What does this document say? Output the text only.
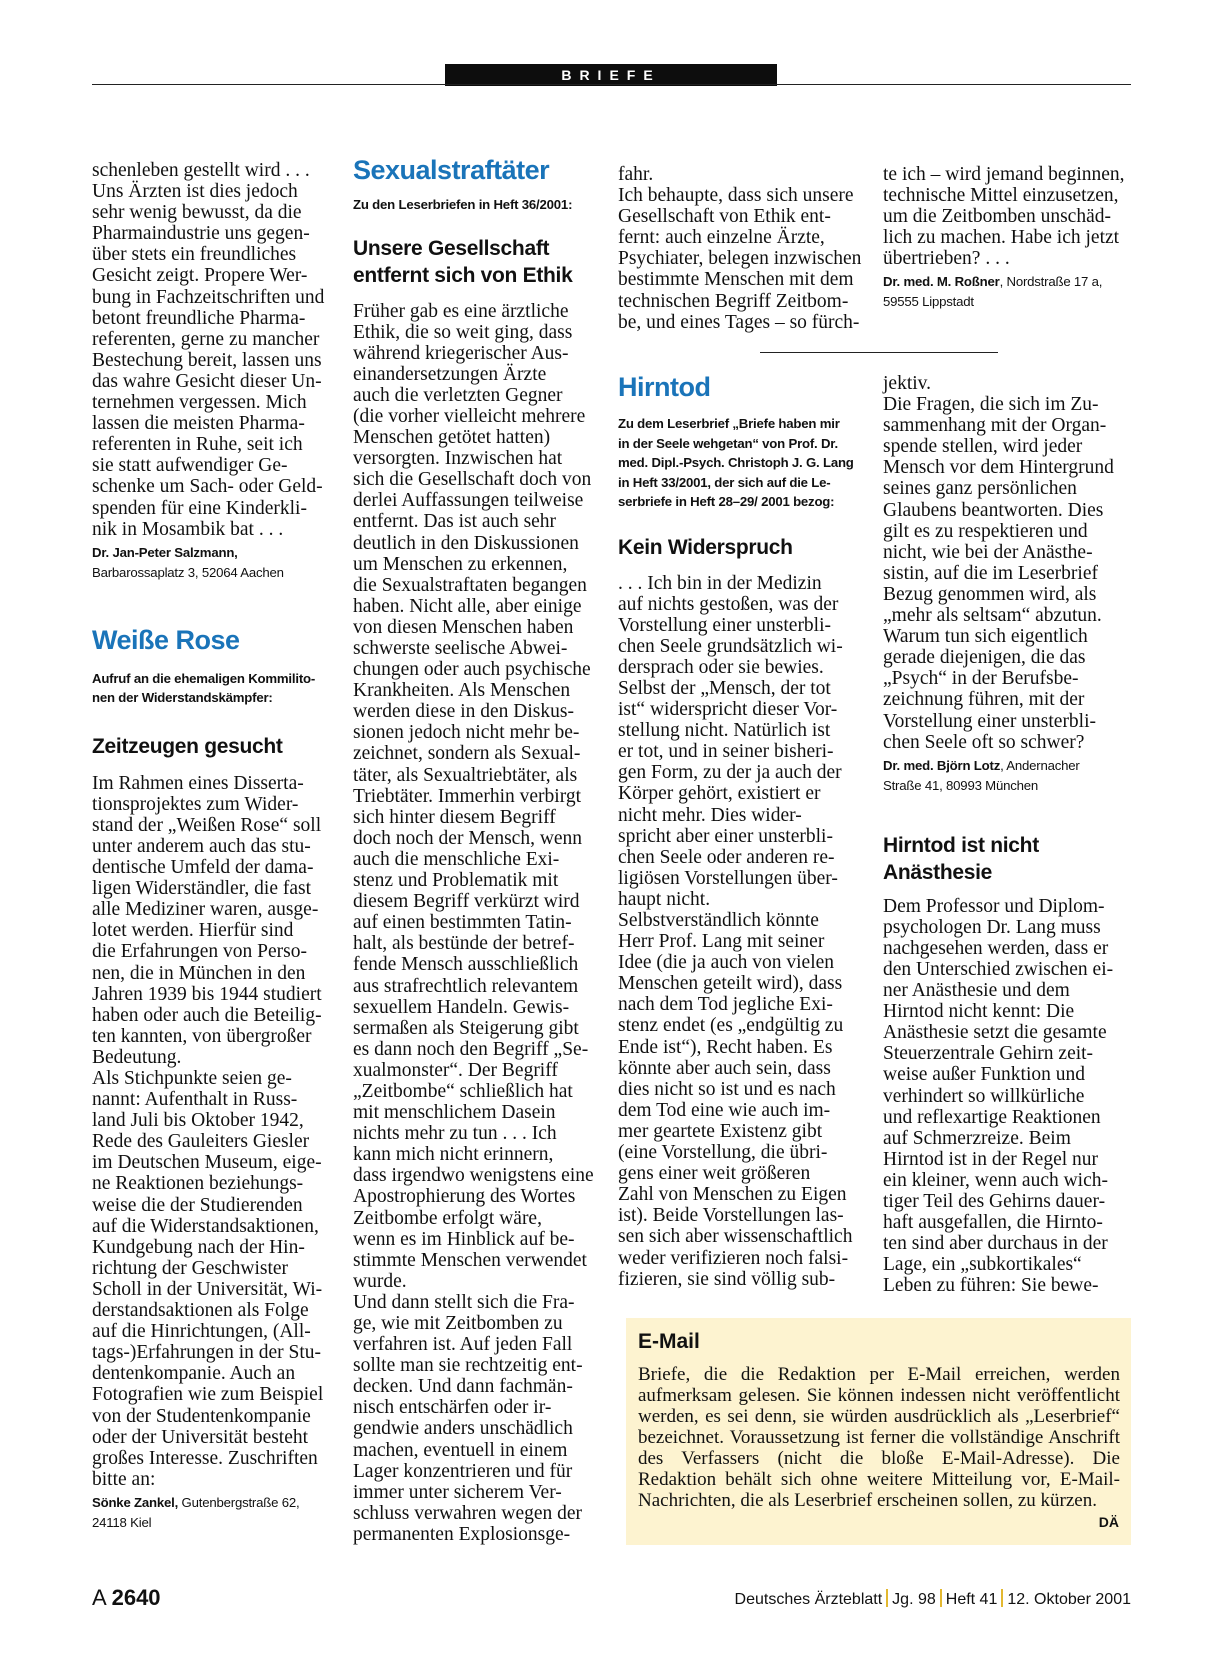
BRIEFE
schenleben gestellt wird . . .
Uns Ärzten ist dies jedoch
sehr wenig bewusst, da die
Pharmaindustrie uns gegen-
über stets ein freundliches
Gesicht zeigt. Propere Wer-
bung in Fachzeitschriften und
betont freundliche Pharma-
referenten, gerne zu mancher
Bestechung bereit, lassen uns
das wahre Gesicht dieser Un-
ternehmen vergessen. Mich
lassen die meisten Pharma-
referenten in Ruhe, seit ich
sie statt aufwendiger Ge-
schenke um Sach- oder Geld-
spenden für eine Kinderkli-
nik in Mosambik bat . . .
Dr. Jan-Peter Salzmann,
Barbarossaplatz 3, 52064 Aachen
Weiße Rose
Aufruf an die ehemaligen Kommilito-
nen der Widerstandskämpfer:
Zeitzeugen gesucht
Im Rahmen eines Disserta-
tionsprojektes zum Wider-
stand der „Weißen Rose“ soll
unter anderem auch das stu-
dentische Umfeld der dama-
ligen Widerständler, die fast
alle Mediziner waren, ausge-
lotet werden. Hierfür sind
die Erfahrungen von Perso-
nen, die in München in den
Jahren 1939 bis 1944 studiert
haben oder auch die Beteilig-
ten kannten, von übergroßer
Bedeutung.
Als Stichpunkte seien ge-
nannt: Aufenthalt in Russ-
land Juli bis Oktober 1942,
Rede des Gauleiters Giesler
im Deutschen Museum, eige-
ne Reaktionen beziehungs-
weise die der Studierenden
auf die Widerstandsaktionen,
Kundgebung nach der Hin-
richtung der Geschwister
Scholl in der Universität, Wi-
derstandsaktionen als Folge
auf die Hinrichtungen, (All-
tags-)Erfahrungen in der Stu-
dentenkompanie. Auch an
Fotografien wie zum Beispiel
von der Studentenkompanie
oder der Universität besteht
großes Interesse. Zuschriften
bitte an:
Sönke Zankel, Gutenbergstraße 62,
24118 Kiel
Sexualstraftäter
Zu den Leserbriefen in Heft 36/2001:
Unsere Gesellschaft
entfernt sich von Ethik
Früher gab es eine ärztliche
Ethik, die so weit ging, dass
während kriegerischer Aus-
einandersetzungen Ärzte
auch die verletzten Gegner
(die vorher vielleicht mehrere
Menschen getötet hatten)
versorgten. Inzwischen hat
sich die Gesellschaft doch von
derlei Auffassungen teilweise
entfernt. Das ist auch sehr
deutlich in den Diskussionen
um Menschen zu erkennen,
die Sexualstraftaten begangen
haben. Nicht alle, aber einige
von diesen Menschen haben
schwerste seelische Abwei-
chungen oder auch psychische
Krankheiten. Als Menschen
werden diese in den Diskus-
sionen jedoch nicht mehr be-
zeichnet, sondern als Sexual-
täter, als Sexualtriebtäter, als
Triebtäter. Immerhin verbirgt
sich hinter diesem Begriff
doch noch der Mensch, wenn
auch die menschliche Exi-
stenz und Problematik mit
diesem Begriff verkürzt wird
auf einen bestimmten Tatin-
halt, als bestünde der betref-
fende Mensch ausschließlich
aus strafrechtlich relevantem
sexuellem Handeln. Gewis-
sermaßen als Steigerung gibt
es dann noch den Begriff „Se-
xualmonster“. Der Begriff
„Zeitbombe“ schließlich hat
mit menschlichem Dasein
nichts mehr zu tun . . . Ich
kann mich nicht erinnern,
dass irgendwo wenigstens eine
Apostrophierung des Wortes
Zeitbombe erfolgt wäre,
wenn es im Hinblick auf be-
stimmte Menschen verwendet
wurde.
Und dann stellt sich die Fra-
ge, wie mit Zeitbomben zu
verfahren ist. Auf jeden Fall
sollte man sie rechtzeitig ent-
decken. Und dann fachmän-
nisch entschärfen oder ir-
gendwie anders unschädlich
machen, eventuell in einem
Lager konzentrieren und für
immer unter sicherem Ver-
schluss verwahren wegen der
permanenten Explosionsge-
fahr.
Ich behaupte, dass sich unsere
Gesellschaft von Ethik ent-
fernt: auch einzelne Ärzte,
Psychiater, belegen inzwischen
bestimmte Menschen mit dem
technischen Begriff Zeitbom-
be, und eines Tages – so fürch-
te ich – wird jemand beginnen,
technische Mittel einzusetzen,
um die Zeitbomben unschäd-
lich zu machen. Habe ich jetzt
übertrieben? . . .
Dr. med. M. Roßner, Nordstraße 17 a,
59555 Lippstadt
Hirntod
Zu dem Leserbrief „Briefe haben mir
in der Seele wehgetan“ von Prof. Dr.
med. Dipl.-Psych. Christoph J. G. Lang
in Heft 33/2001, der sich auf die Le-
serbriefe in Heft 28–29/ 2001 bezog:
Kein Widerspruch
. . . Ich bin in der Medizin
auf nichts gestoßen, was der
Vorstellung einer unsterbli-
chen Seele grundsätzlich wi-
dersprach oder sie bewies.
Selbst der „Mensch, der tot
ist“ widerspricht dieser Vor-
stellung nicht. Natürlich ist
er tot, und in seiner bisheri-
gen Form, zu der ja auch der
Körper gehört, existiert er
nicht mehr. Dies wider-
spricht aber einer unsterbli-
chen Seele oder anderen re-
ligiösen Vorstellungen über-
haupt nicht.
Selbstverständlich könnte
Herr Prof. Lang mit seiner
Idee (die ja auch von vielen
Menschen geteilt wird), dass
nach dem Tod jegliche Exi-
stenz endet (es „endgültig zu
Ende ist“), Recht haben. Es
könnte aber auch sein, dass
dies nicht so ist und es nach
dem Tod eine wie auch im-
mer geartete Existenz gibt
(eine Vorstellung, die übri-
gens einer weit größeren
Zahl von Menschen zu Eigen
ist). Beide Vorstellungen las-
sen sich aber wissenschaftlich
weder verifizieren noch falsi-
fizieren, sie sind völlig sub-
jektiv.
Die Fragen, die sich im Zu-
sammenhang mit der Organ-
spende stellen, wird jeder
Mensch vor dem Hintergrund
seines ganz persönlichen
Glaubens beantworten. Dies
gilt es zu respektieren und
nicht, wie bei der Anästhe-
sistin, auf die im Leserbrief
Bezug genommen wird, als
„mehr als seltsam“ abzutun.
Warum tun sich eigentlich
gerade diejenigen, die das
„Psych“ in der Berufsbe-
zeichnung führen, mit der
Vorstellung einer unsterbli-
chen Seele oft so schwer?
Dr. med. Björn Lotz, Andernacher
Straße 41, 80993 München
Hirntod ist nicht
Anästhesie
Dem Professor und Diplom-
psychologen Dr. Lang muss
nachgesehen werden, dass er
den Unterschied zwischen ei-
ner Anästhesie und dem
Hirntod nicht kennt: Die
Anästhesie setzt die gesamte
Steuerzentrale Gehirn zeit-
weise außer Funktion und
verhindert so willkürliche
und reflexartige Reaktionen
auf Schmerzreize. Beim
Hirntod ist in der Regel nur
ein kleiner, wenn auch wich-
tiger Teil des Gehirns dauer-
haft ausgefallen, die Hirnto-
ten sind aber durchaus in der
Lage, ein „subkortikales“
Leben zu führen: Sie bewe-
E-Mail
Briefe, die die Redaktion per E-Mail erreichen, werden aufmerksam gelesen. Sie können indessen nicht veröffentlicht werden, es sei denn, sie würden ausdrücklich als „Leserbrief“ bezeichnet. Voraussetzung ist ferner die vollständige Anschrift des Verfassers (nicht die bloße E-Mail-Adresse). Die Redaktion behält sich ohne weitere Mitteilung vor, E-Mail-Nachrichten, die als Leserbrief erscheinen sollen, zu kürzen.
DÄ
A 2640	Deutsches Ärzteblatt Jg. 98 Heft 41 12. Oktober 2001
